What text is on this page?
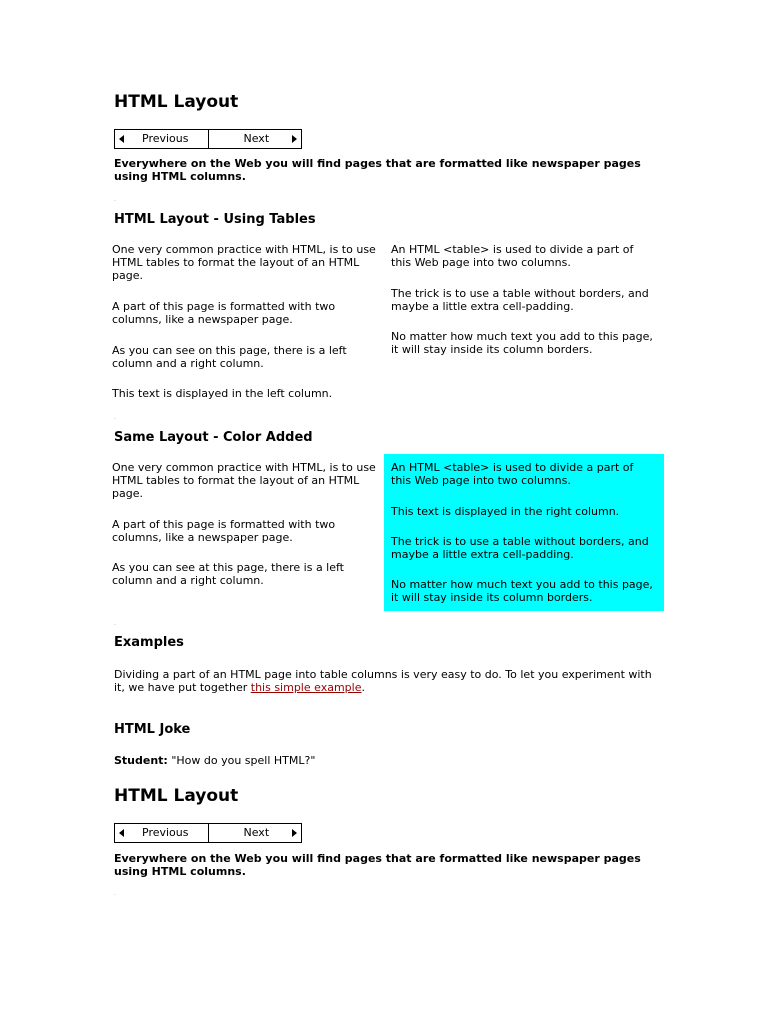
HTML Layout
Previous	Next
Everywhere on the Web you will find pages that are formatted like newspaper pages using HTML columns.
.
HTML Layout - Using Tables

One very common practice with HTML, is to use HTML tables to format the layout of an HTML page.

A part of this page is formatted with two columns, like a newspaper page.

As you can see on this page, there is a left column and a right column.

This text is displayed in the left column.

An HTML <table> is used to divide a part of this Web page into two columns.

The trick is to use a table without borders, and maybe a little extra cell-padding.

No matter how much text you add to this page, it will stay inside its column borders.

.
Same Layout - Color Added

One very common practice with HTML, is to use HTML tables to format the layout of an HTML page.

A part of this page is formatted with two columns, like a newspaper page.

As you can see at this page, there is a left column and a right column.

An HTML <table> is used to divide a part of this Web page into two columns.

This text is displayed in the right column.

The trick is to use a table without borders, and maybe a little extra cell-padding.

No matter how much text you add to this page, it will stay inside its column borders.

.
Examples

Dividing a part of an HTML page into table columns is very easy to do. To let you experiment with it, we have put together this simple example.

HTML Joke

Student: "How do you spell HTML?"

HTML Layout
Previous	Next
Everywhere on the Web you will find pages that are formatted like newspaper pages using HTML columns.
.
